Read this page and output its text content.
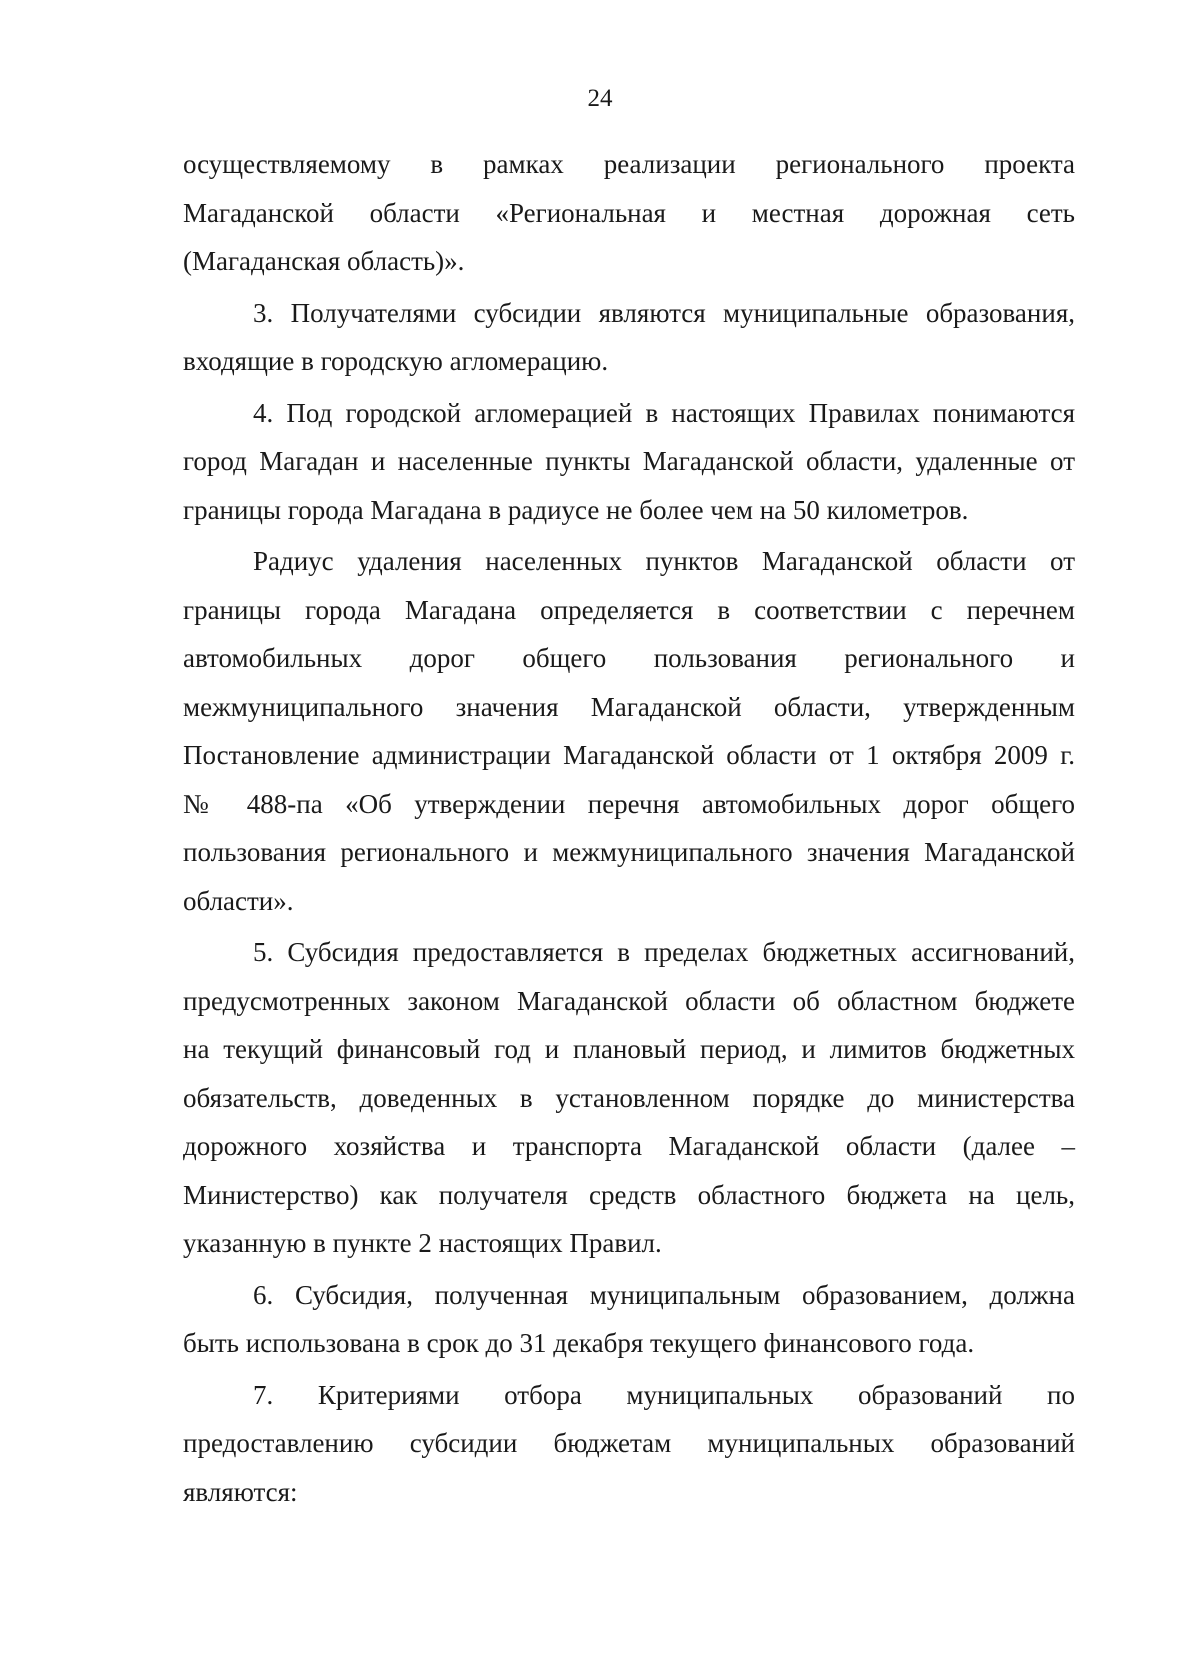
24
осуществляемому в рамках реализации регионального проекта
Магаданской области «Региональная и местная дорожная сеть
(Магаданская область)».
3. Получателями субсидии являются муниципальные образования,
входящие в городскую агломерацию.
4. Под городской агломерацией в настоящих Правилах понимаются
город Магадан и населенные пункты Магаданской области, удаленные от
границы города Магадана в радиусе не более чем на 50 километров.
Радиус удаления населенных пунктов Магаданской области от
границы города Магадана определяется в соответствии с перечнем
автомобильных дорог общего пользования регионального и
межмуниципального значения Магаданской области, утвержденным
Постановление администрации Магаданской области от 1 октября 2009 г.
№ 488-па «Об утверждении перечня автомобильных дорог общего
пользования регионального и межмуниципального значения Магаданской
области».
5. Субсидия предоставляется в пределах бюджетных ассигнований,
предусмотренных законом Магаданской области об областном бюджете
на текущий финансовый год и плановый период, и лимитов бюджетных
обязательств, доведенных в установленном порядке до министерства
дорожного хозяйства и транспорта Магаданской области (далее –
Министерство) как получателя средств областного бюджета на цель,
указанную в пункте 2 настоящих Правил.
6. Субсидия, полученная муниципальным образованием, должна
быть использована в срок до 31 декабря текущего финансового года.
7. Критериями отбора муниципальных образований по
предоставлению субсидии бюджетам муниципальных образований
являются:
